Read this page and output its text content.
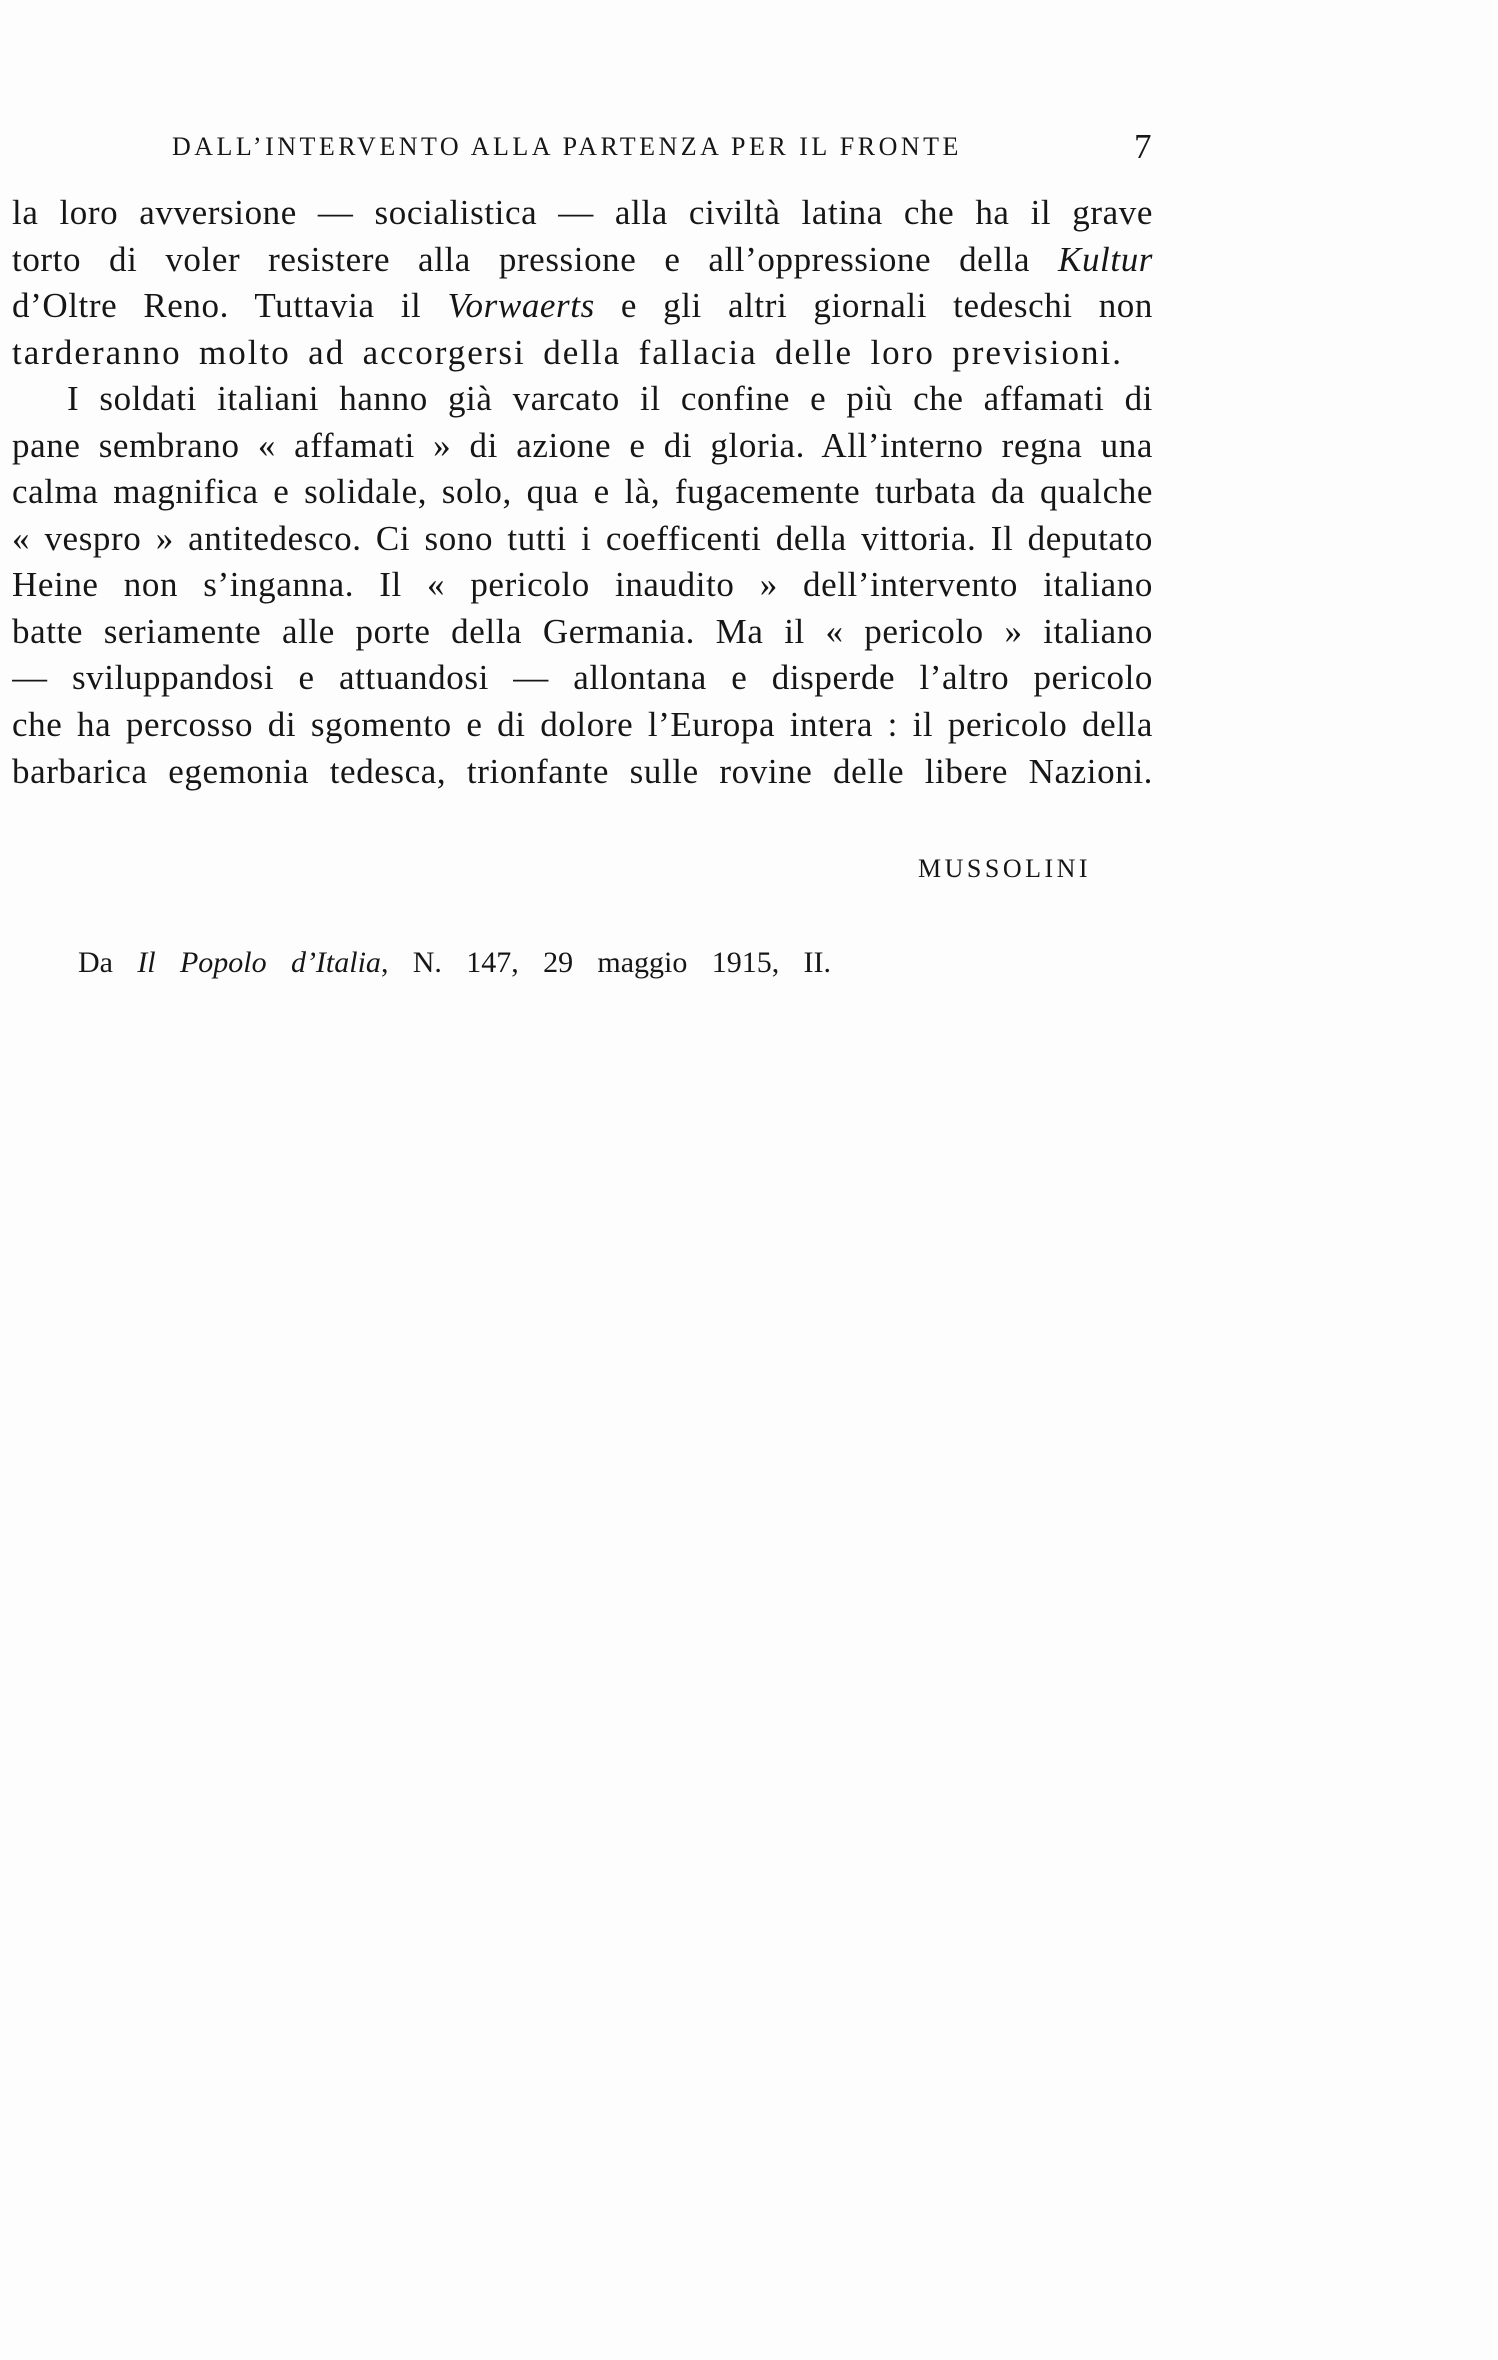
DALL’INTERVENTO ALLA PARTENZA PER IL FRONTE	7
la loro avversione — socialistica — alla civiltà latina che ha il grave
torto di voler resistere alla pressione e all’oppressione della Kultur
d’Oltre Reno. Tuttavia il Vorwaerts e gli altri giornali tedeschi non
tarderanno molto ad accorgersi della fallacia delle loro previsioni.
I soldati italiani hanno già varcato il confine e più che affamati di
pane sembrano « affamati » di azione e di gloria. All’interno regna una
calma magnifica e solidale, solo, qua e là, fugacemente turbata da qualche
« vespro » antitedesco. Ci sono tutti i coefficenti della vittoria. Il deputato
Heine non s’inganna. Il « pericolo inaudito » dell’intervento italiano
batte seriamente alle porte della Germania. Ma il « pericolo » italiano
— sviluppandosi e attuandosi — allontana e disperde l’altro pericolo
che ha percosso di sgomento e di dolore l’Europa intera : il pericolo della
barbarica egemonia tedesca, trionfante sulle rovine delle libere Nazioni.
MUSSOLINI
Da Il Popolo d’Italia, N. 147, 29 maggio 1915, II.
